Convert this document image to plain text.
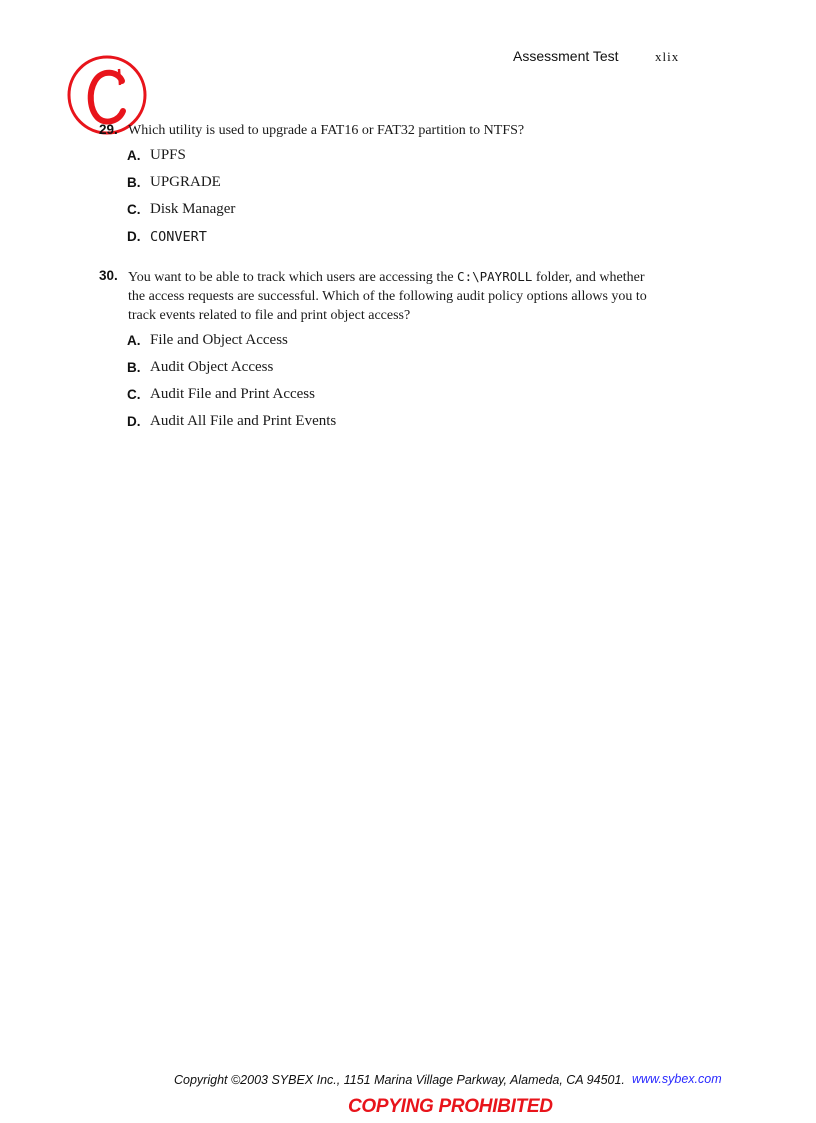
Assessment Test	xlix
29. Which utility is used to upgrade a FAT16 or FAT32 partition to NTFS?
A. UPFS
B. UPGRADE
C. Disk Manager
D. CONVERT
30. You want to be able to track which users are accessing the C:\PAYROLL folder, and whether
the access requests are successful. Which of the following audit policy options allows you to
track events related to file and print object access?
A. File and Object Access
B. Audit Object Access
C. Audit File and Print Access
D. Audit All File and Print Events
Copyright ©2003 SYBEX Inc., 1151 Marina Village Parkway, Alameda, CA 94501. www.sybex.com
COPYING PROHIBITED
